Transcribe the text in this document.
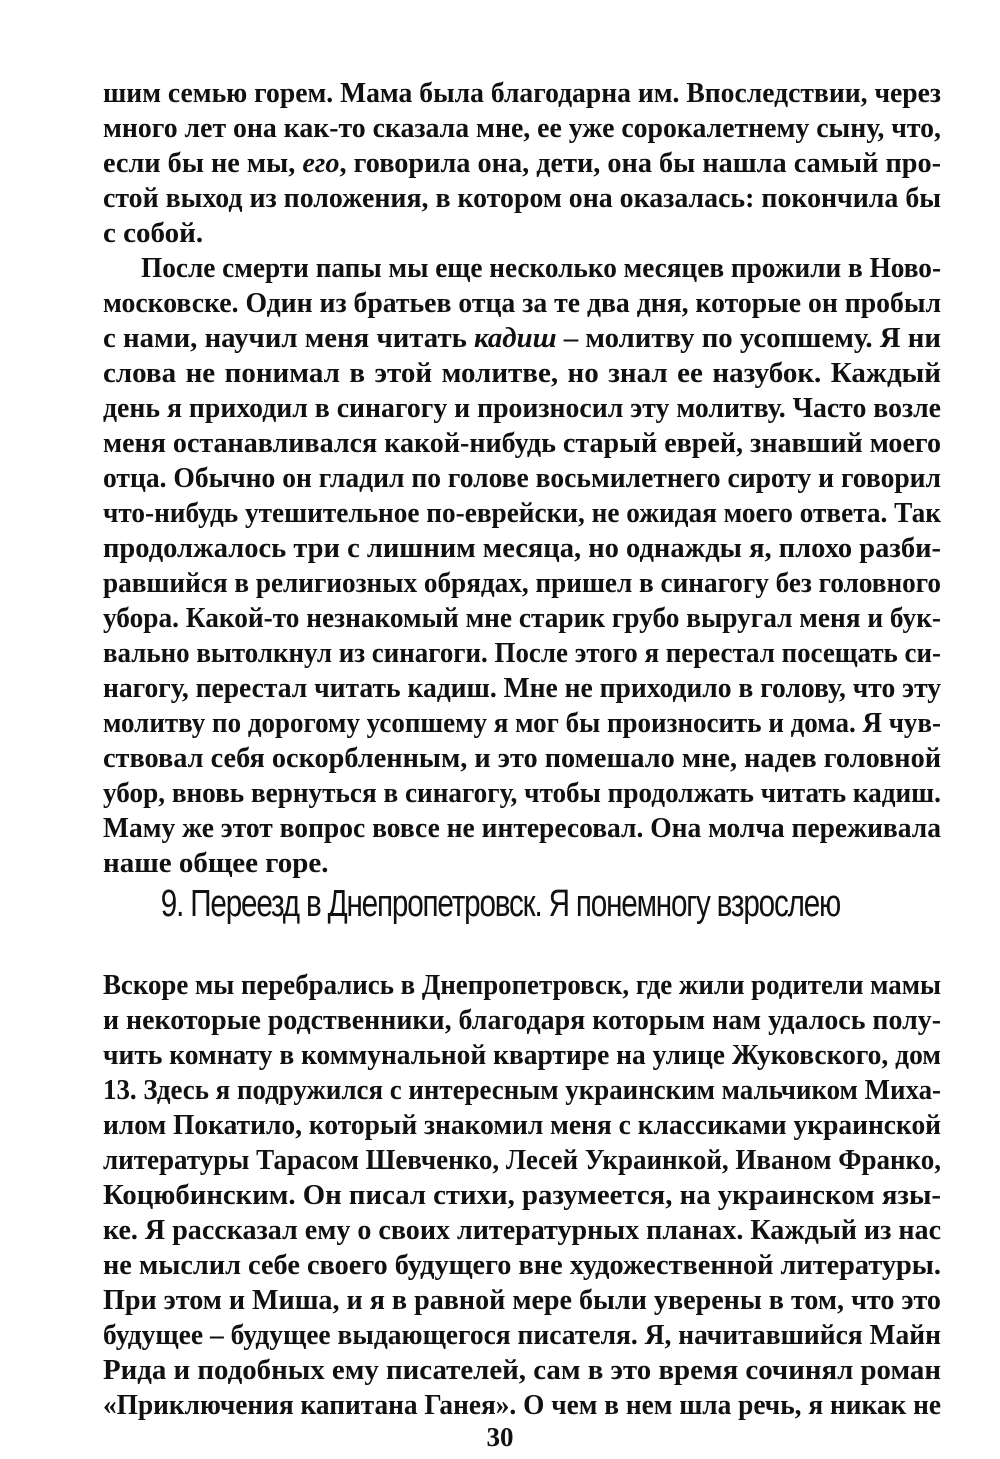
шим семью горем. Мама была благодарна им. Впоследствии, через
много лет она как-то сказала мне, ее уже сорокалетнему сыну, что,
если бы не мы, его, говорила она, дети, она бы нашла самый про-
стой выход из положения, в котором она оказалась: покончила бы
с собой.
После смерти папы мы еще несколько месяцев прожили в Ново-
московске. Один из братьев отца за те два дня, которые он пробыл
с нами, научил меня читать кадиш – молитву по усопшему. Я ни
слова не понимал в этой молитве, но знал ее назубок. Каждый
день я приходил в синагогу и произносил эту молитву. Часто возле
меня останавливался какой-нибудь старый еврей, знавший моего
отца. Обычно он гладил по голове восьмилетнего сироту и говорил
что-нибудь утешительное по-еврейски, не ожидая моего ответа. Так
продолжалось три с лишним месяца, но однажды я, плохо разби-
равшийся в религиозных обрядах, пришел в синагогу без головного
убора. Какой-то незнакомый мне старик грубо выругал меня и бук-
вально вытолкнул из синагоги. После этого я перестал посещать си-
нагогу, перестал читать кадиш. Мне не приходило в голову, что эту
молитву по дорогому усопшему я мог бы произносить и дома. Я чув-
ствовал себя оскорбленным, и это помешало мне, надев головной
убор, вновь вернуться в синагогу, чтобы продолжать читать кадиш.
Маму же этот вопрос вовсе не интересовал. Она молча переживала
наше общее горе.
9. Переезд в Днепропетровск. Я понемногу взрослею
Вскоре мы перебрались в Днепропетровск, где жили родители мамы
и некоторые родственники, благодаря которым нам удалось полу-
чить комнату в коммунальной квартире на улице Жуковского, дом
13. Здесь я подружился с интересным украинским мальчиком Миха-
илом Покатило, который знакомил меня с классиками украинской
литературы Тарасом Шевченко, Лесей Украинкой, Иваном Франко,
Коцюбинским. Он писал стихи, разумеется, на украинском язы-
ке. Я рассказал ему о своих литературных планах. Каждый из нас
не мыслил себе своего будущего вне художественной литературы.
При этом и Миша, и я в равной мере были уверены в том, что это
будущее – будущее выдающегося писателя. Я, начитавшийся Майн
Рида и подобных ему писателей, сам в это время сочинял роман
30
«Приключения капитана Ганея». О чем в нем шла речь, я никак не
